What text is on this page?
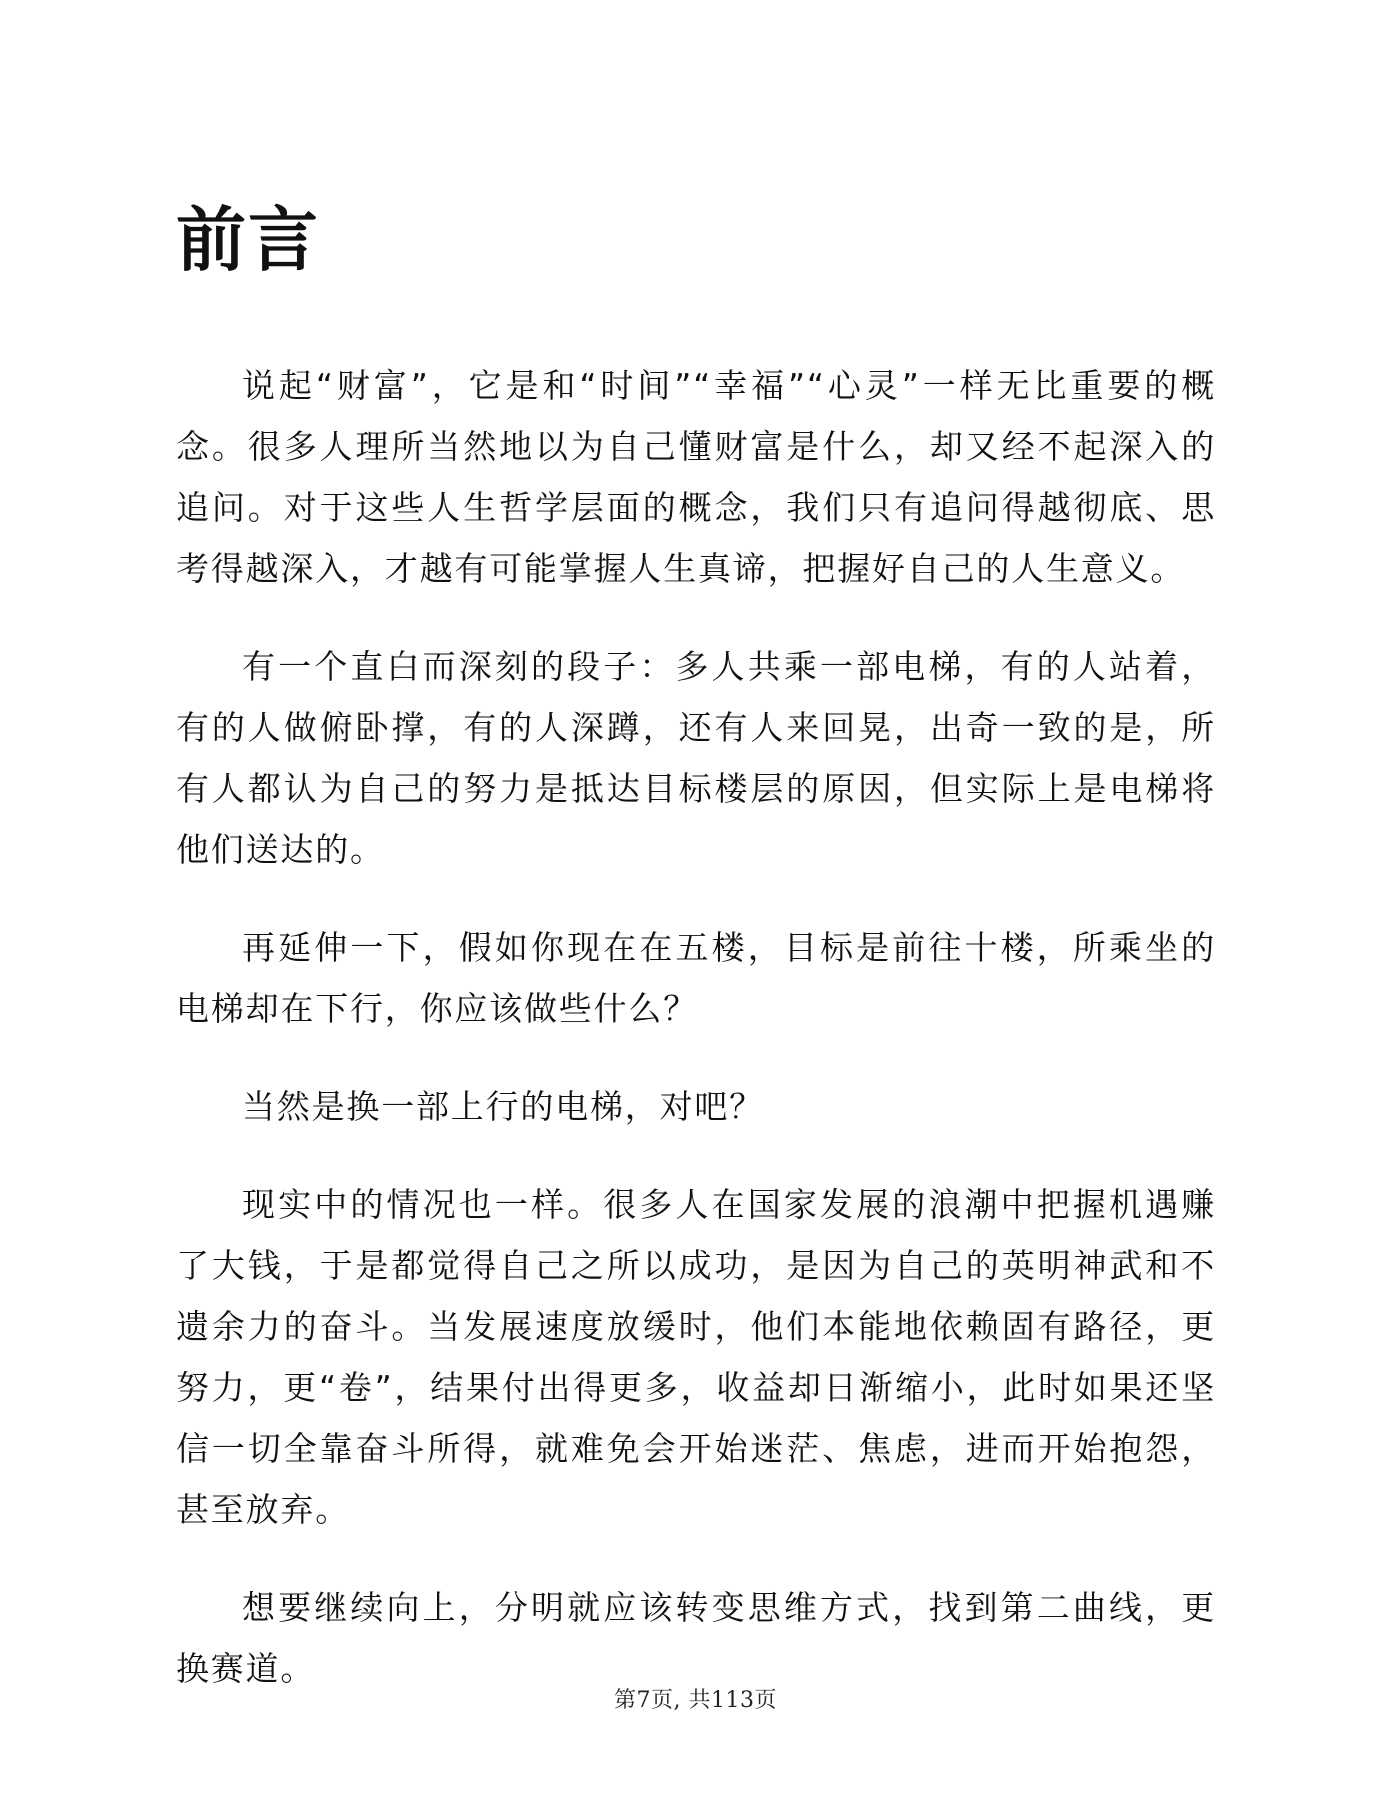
前言

说起“财富”，它是和“时间”“幸福”“心灵”一样无比重要的概念。很多人理所当然地以为自己懂财富是什么，却又经不起深入的追问。对于这些人生哲学层面的概念，我们只有追问得越彻底、思考得越深入，才越有可能掌握人生真谛，把握好自己的人生意义。

有一个直白而深刻的段子：多人共乘一部电梯，有的人站着，有的人做俯卧撑，有的人深蹲，还有人来回晃，出奇一致的是，所有人都认为自己的努力是抵达目标楼层的原因，但实际上是电梯将他们送达的。

再延伸一下，假如你现在在五楼，目标是前往十楼，所乘坐的电梯却在下行，你应该做些什么？

当然是换一部上行的电梯，对吧？

现实中的情况也一样。很多人在国家发展的浪潮中把握机遇赚了大钱，于是都觉得自己之所以成功，是因为自己的英明神武和不遗余力的奋斗。当发展速度放缓时，他们本能地依赖固有路径，更努力，更“卷”，结果付出得更多，收益却日渐缩小，此时如果还坚信一切全靠奋斗所得，就难免会开始迷茫、焦虑，进而开始抱怨，甚至放弃。

想要继续向上，分明就应该转变思维方式，找到第二曲线，更换赛道。

第7页, 共113页
